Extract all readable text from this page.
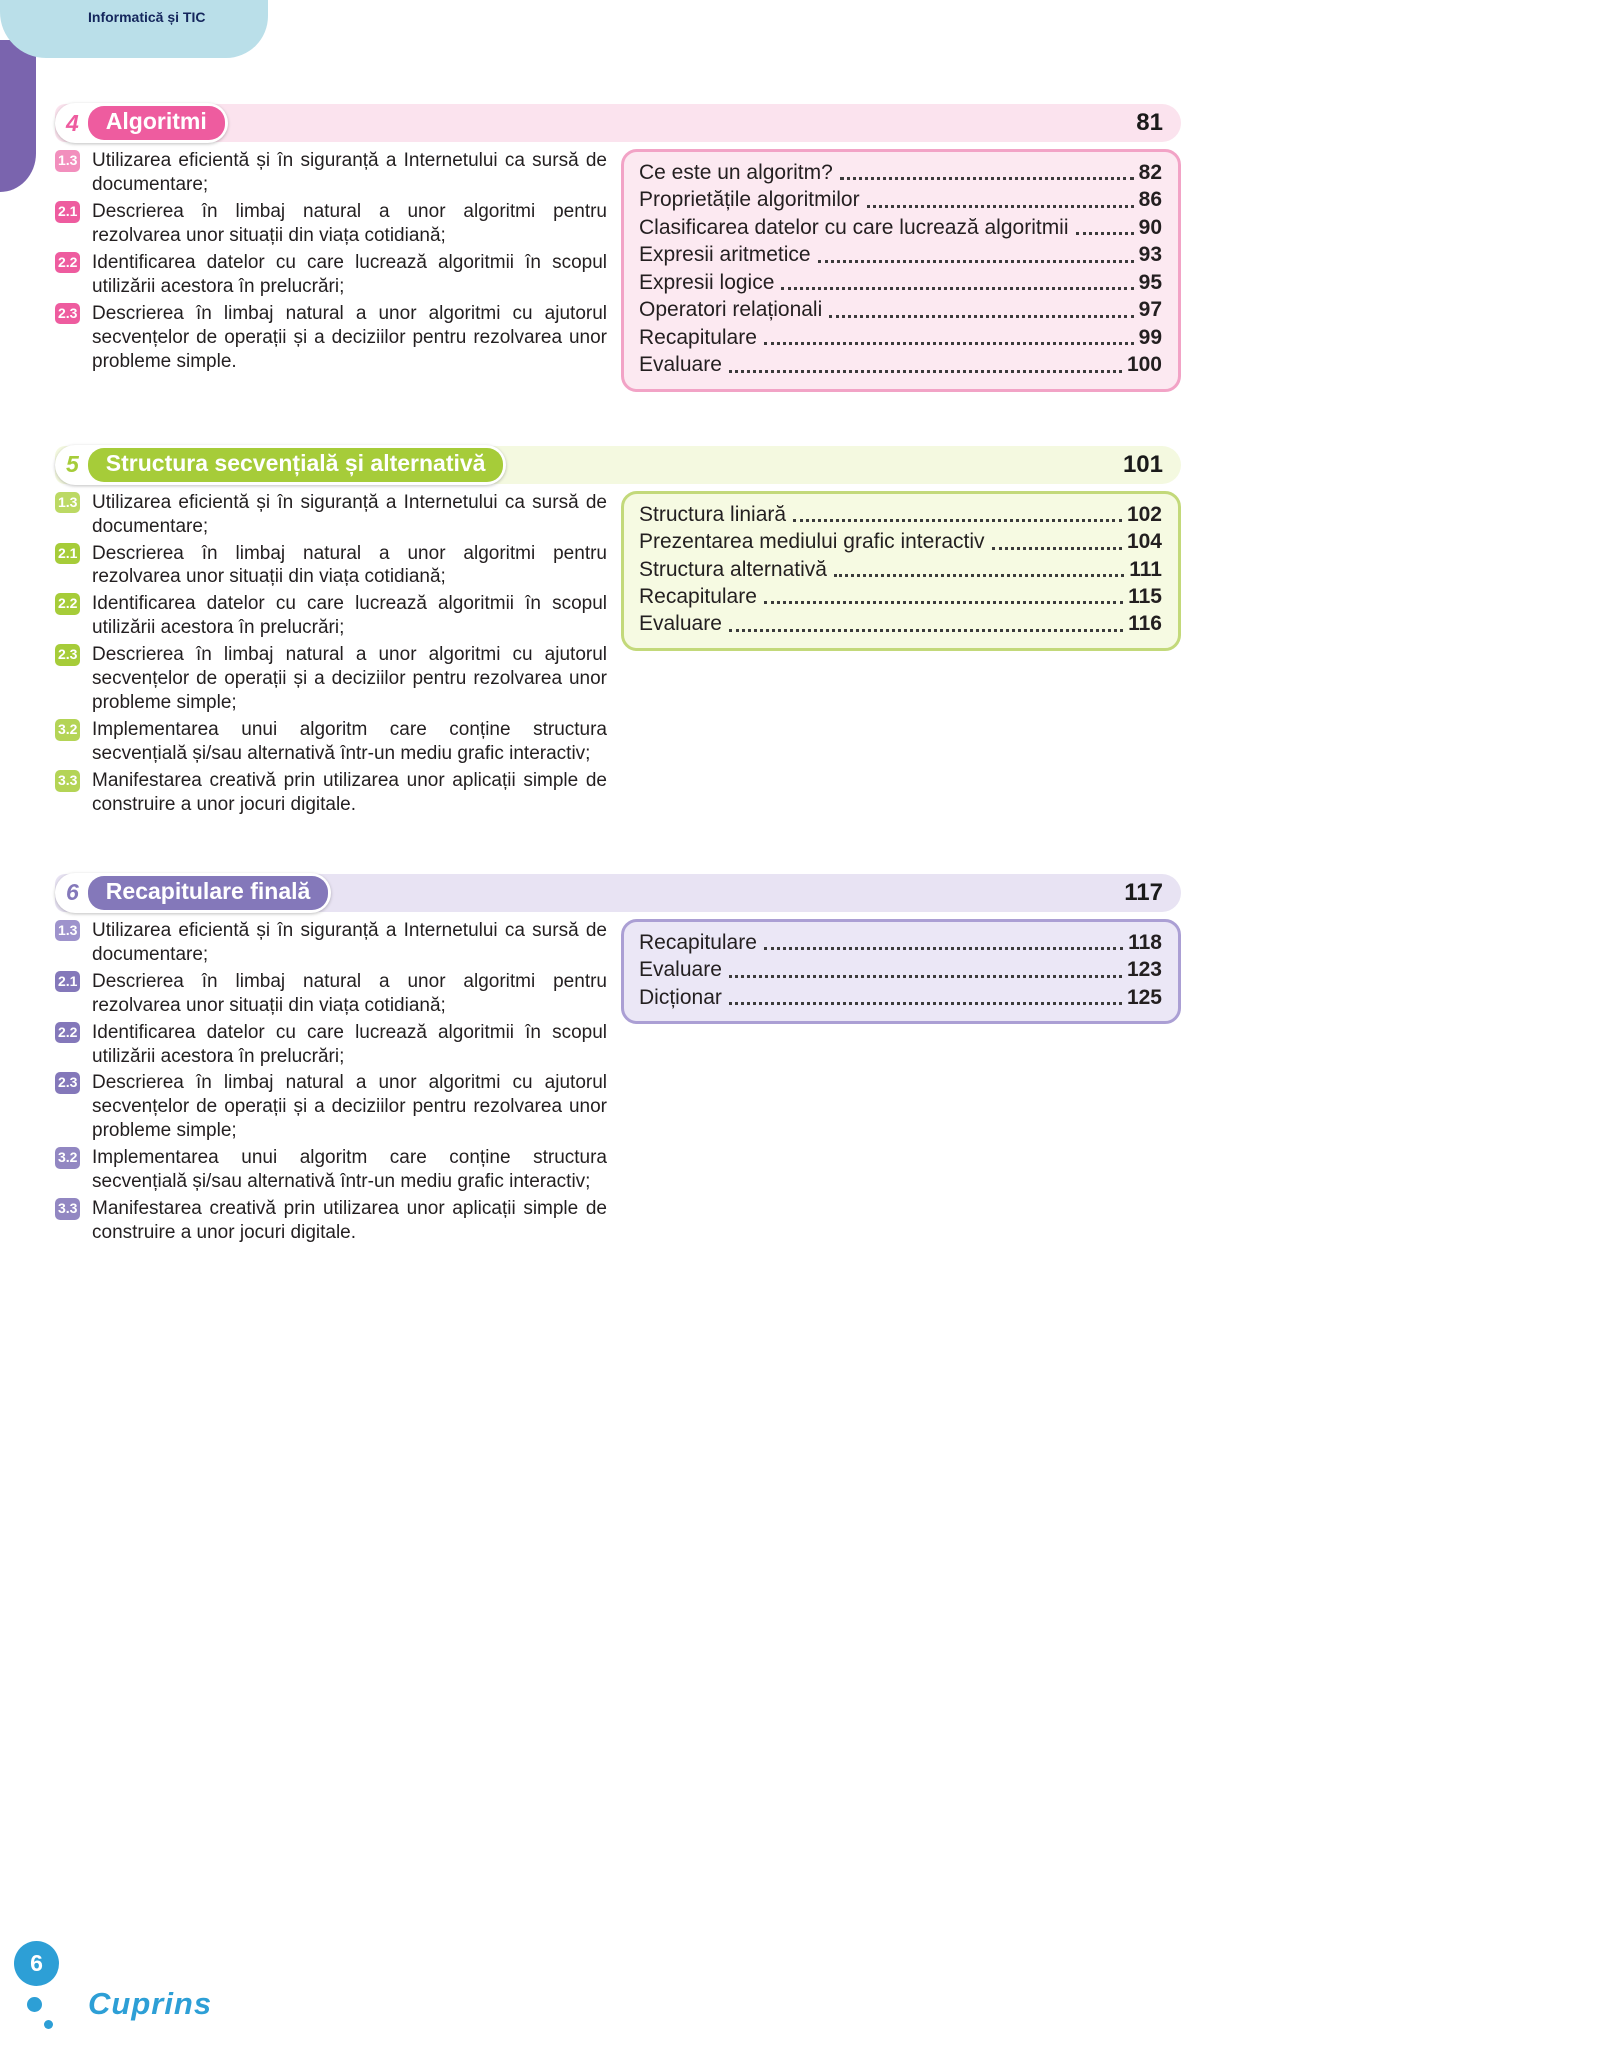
Informatică și TIC
4	Algoritmi	81
1.3 Utilizarea eficientă și în siguranță a Internetului ca sursă de documentare;
2.1 Descrierea în limbaj natural a unor algoritmi pentru rezolvarea unor situații din viața cotidiană;
2.2 Identificarea datelor cu care lucrează algoritmii în scopul utilizării acestora în prelucrări;
2.3 Descrierea în limbaj natural a unor algoritmi cu ajutorul secvențelor de operații și a deciziilor pentru rezolvarea unor probleme simple.
Ce este un algoritm?	82
Proprietățile algoritmilor	86
Clasificarea datelor cu care lucrează algoritmii	90
Expresii aritmetice	93
Expresii logice	95
Operatori relaționali	97
Recapitulare	99
Evaluare	100
5	Structura secvențială și alternativă	101
1.3 Utilizarea eficientă și în siguranță a Internetului ca sursă de documentare;
2.1 Descrierea în limbaj natural a unor algoritmi pentru rezolvarea unor situații din viața cotidiană;
2.2 Identificarea datelor cu care lucrează algoritmii în scopul utilizării acestora în prelucrări;
2.3 Descrierea în limbaj natural a unor algoritmi cu ajutorul secvențelor de operații și a deciziilor pentru rezolvarea unor probleme simple;
3.2 Implementarea unui algoritm care conține structura secvențială și/sau alternativă într-un mediu grafic interactiv;
3.3 Manifestarea creativă prin utilizarea unor aplicații simple de construire a unor jocuri digitale.
Structura liniară	102
Prezentarea mediului grafic interactiv	104
Structura alternativă	111
Recapitulare	115
Evaluare	116
6	Recapitulare finală	117
1.3 Utilizarea eficientă și în siguranță a Internetului ca sursă de documentare;
2.1 Descrierea în limbaj natural a unor algoritmi pentru rezolvarea unor situații din viața cotidiană;
2.2 Identificarea datelor cu care lucrează algoritmii în scopul utilizării acestora în prelucrări;
2.3 Descrierea în limbaj natural a unor algoritmi cu ajutorul secvențelor de operații și a deciziilor pentru rezolvarea unor probleme simple;
3.2 Implementarea unui algoritm care conține structura secvențială și/sau alternativă într-un mediu grafic interactiv;
3.3 Manifestarea creativă prin utilizarea unor aplicații simple de construire a unor jocuri digitale.
Recapitulare	118
Evaluare	123
Dicționar	125
6
Cuprins
